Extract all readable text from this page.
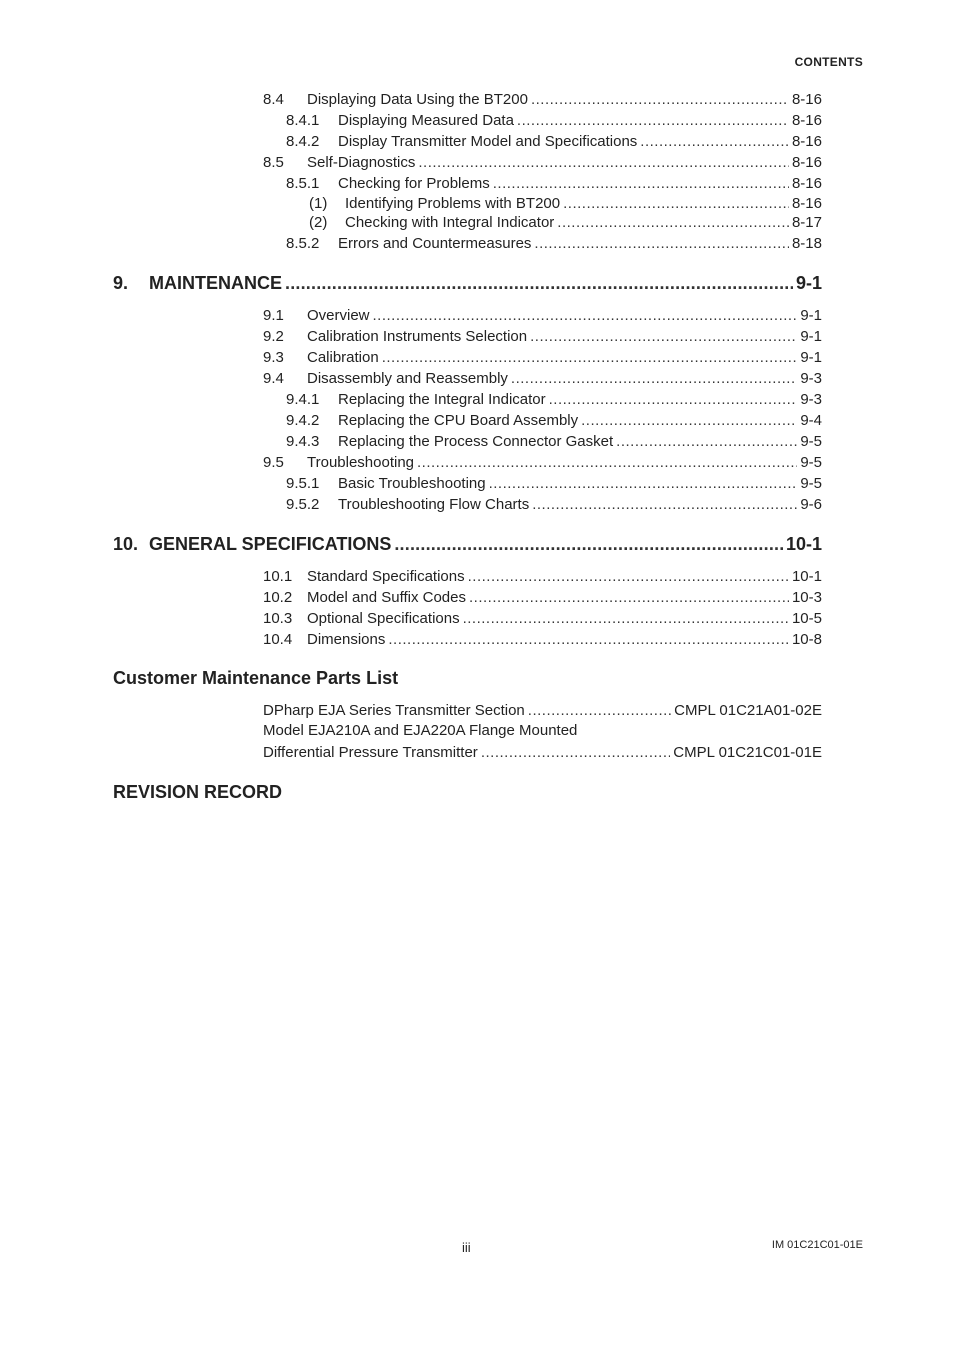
CONTENTS
8.4	Displaying Data Using the BT200 .....	8-16
8.4.1	Displaying Measured Data .....	8-16
8.4.2	Display Transmitter Model and Specifications .....	8-16
8.5	Self-Diagnostics .....	8-16
8.5.1	Checking for Problems .....	8-16
(1)	Identifying Problems with BT200 .....	8-16
(2)	Checking with Integral Indicator .....	8-17
8.5.2	Errors and Countermeasures .....	8-18
9.	MAINTENANCE .....	9-1
9.1	Overview .....	9-1
9.2	Calibration Instruments Selection .....	9-1
9.3	Calibration .....	9-1
9.4	Disassembly and Reassembly .....	9-3
9.4.1	Replacing the Integral Indicator .....	9-3
9.4.2	Replacing the CPU Board Assembly .....	9-4
9.4.3	Replacing the Process Connector Gasket .....	9-5
9.5	Troubleshooting .....	9-5
9.5.1	Basic Troubleshooting .....	9-5
9.5.2	Troubleshooting Flow Charts .....	9-6
10. GENERAL SPECIFICATIONS .....	10-1
10.1 Standard Specifications .....	10-1
10.2 Model and Suffix Codes .....	10-3
10.3 Optional Specifications .....	10-5
10.4 Dimensions .....	10-8
Customer Maintenance Parts List
DPharp EJA Series Transmitter Section .....	CMPL 01C21A01-02E
Model EJA210A and EJA220A Flange Mounted
Differential Pressure Transmitter .....	CMPL 01C21C01-01E
REVISION RECORD
iii	IM 01C21C01-01E
